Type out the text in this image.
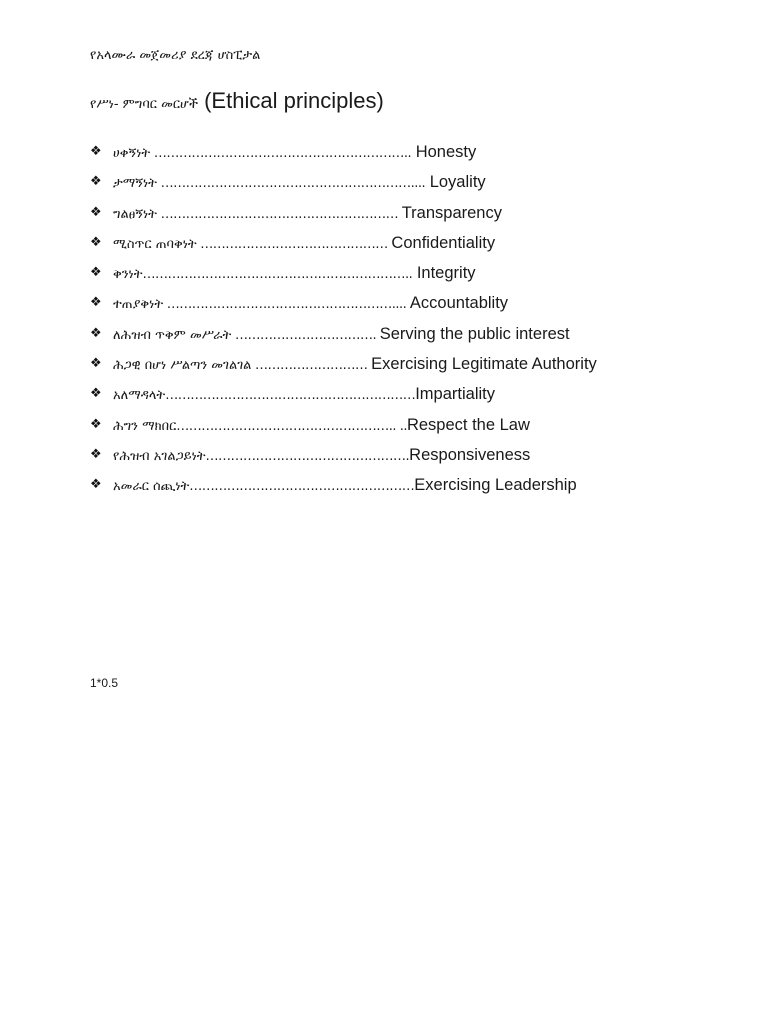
የአላሙራ መጀመሪያ ደረጃ ሆስፒታል
የሥነ- ምግባር መርሆች (Ethical principles)
❖ ሀቀኝነት …………………………………………………….. Honesty
❖ ታማኝነት …………………………………………………….... Loyality
❖ ግልፀኝነት ………………………………………………… Transparency
❖ ሚስጥር ጠባቅነት ……………………………………… Confidentiality
❖ ቅንነት……………………………………………………….. Integrity
❖ ተጠያቅነት ……………………………………………….... Accountablity
❖ ለሕዝብ ጥቅም መሥራት ……………………………. Serving the public interest
❖ ሕጋዊ በሆነ ሥልጣን መገልገል ……………………… Exercising Legitimate Authority
❖ አለማዳላት……………………………………………………Impartiality
❖ ሕግን ማክበር…………………………………………….. ..Respect the Law
❖ የሕዝብ አገልጋይነት………………………………………….Responsiveness
❖ አመራር ሰጪነት………………………………………………Exercising Leadership
1*0.5
